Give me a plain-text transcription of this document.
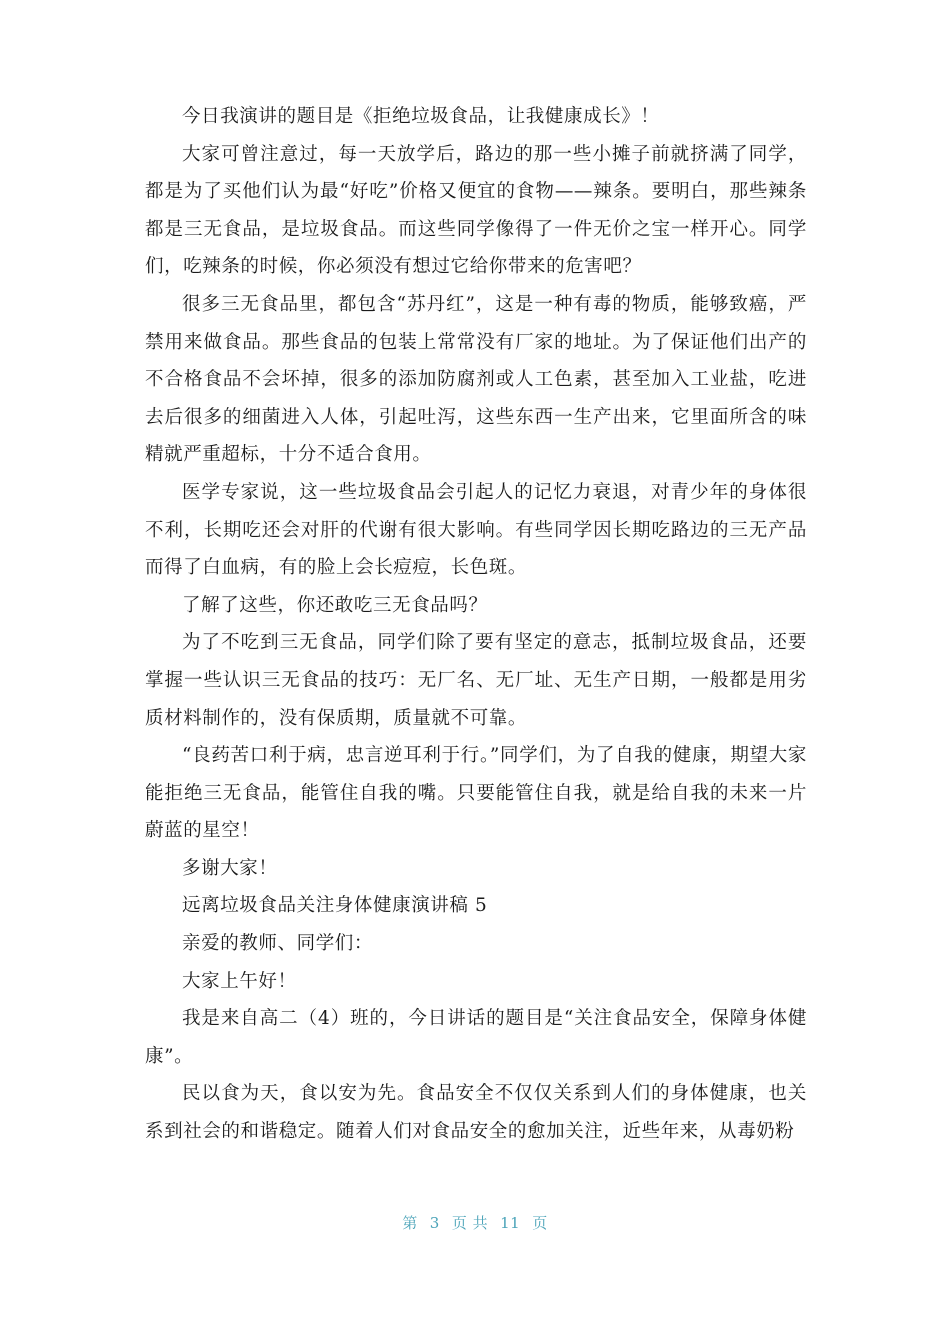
今日我演讲的题目是《拒绝垃圾食品，让我健康成长》！

大家可曾注意过，每一天放学后，路边的那一些小摊子前就挤满了同学，都是为了买他们认为最“好吃”价格又便宜的食物——辣条。要明白，那些辣条都是三无食品，是垃圾食品。而这些同学像得了一件无价之宝一样开心。同学们，吃辣条的时候，你必须没有想过它给你带来的危害吧？

很多三无食品里，都包含“苏丹红”，这是一种有毒的物质，能够致癌，严禁用来做食品。那些食品的包装上常常没有厂家的地址。为了保证他们出产的不合格食品不会坏掉，很多的添加防腐剂或人工色素，甚至加入工业盐，吃进去后很多的细菌进入人体，引起吐泻，这些东西一生产出来，它里面所含的味精就严重超标，十分不适合食用。

医学专家说，这一些垃圾食品会引起人的记忆力衰退，对青少年的身体很不利，长期吃还会对肝的代谢有很大影响。有些同学因长期吃路边的三无产品而得了白血病，有的脸上会长痘痘，长色斑。

了解了这些，你还敢吃三无食品吗？

为了不吃到三无食品，同学们除了要有坚定的意志，抵制垃圾食品，还要掌握一些认识三无食品的技巧：无厂名、无厂址、无生产日期，一般都是用劣质材料制作的，没有保质期，质量就不可靠。

“良药苦口利于病，忠言逆耳利于行。”同学们，为了自我的健康，期望大家能拒绝三无食品，能管住自我的嘴。只要能管住自我，就是给自我的未来一片蔚蓝的星空！

多谢大家！

远离垃圾食品关注身体健康演讲稿 5

亲爱的教师、同学们：

大家上午好！

我是来自高二（4）班的，今日讲话的题目是“关注食品安全，保障身体健康”。

民以食为天，食以安为先。食品安全不仅仅关系到人们的身体健康，也关系到社会的和谐稳定。随着人们对食品安全的愈加关注，近些年来，从毒奶粉

第 3 页 共 11 页
